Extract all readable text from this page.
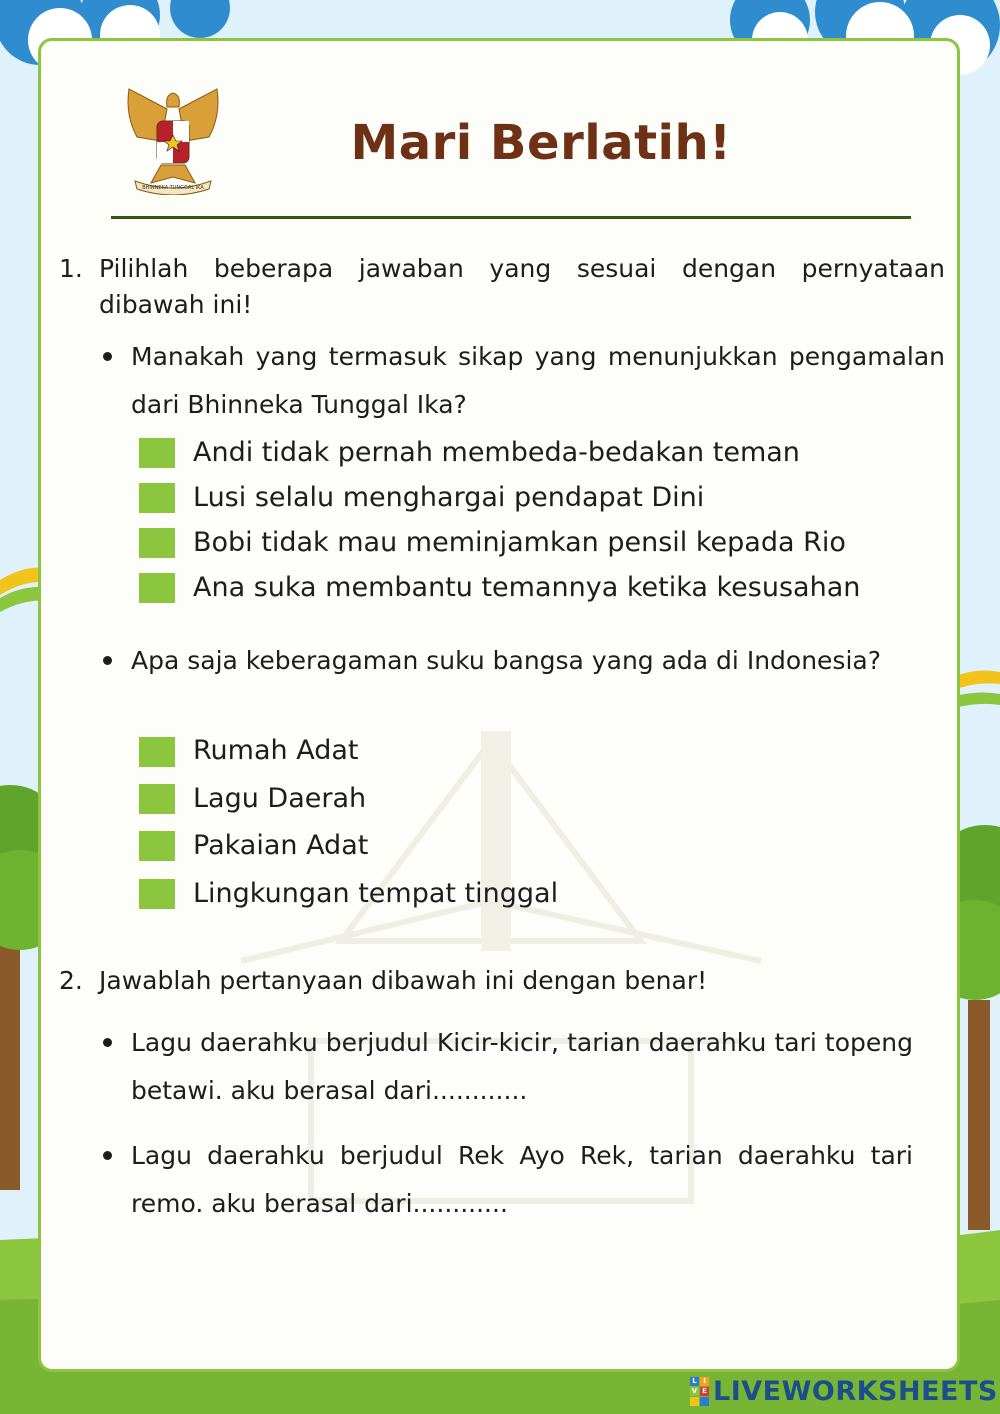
BHINNEKA TUNGGAL IKA
Mari Berlatih!
1. Pilihlah beberapa jawaban yang sesuai dengan pernyataan dibawah ini!
Manakah yang termasuk sikap yang menunjukkan pengamalan dari Bhinneka Tunggal Ika?
Andi tidak pernah membeda-bedakan teman
Lusi selalu menghargai pendapat Dini
Bobi tidak mau meminjamkan pensil kepada Rio
Ana suka membantu temannya ketika kesusahan
Apa saja keberagaman suku bangsa yang ada di Indonesia?
Rumah Adat
Lagu Daerah
Pakaian Adat
Lingkungan tempat tinggal
2. Jawablah pertanyaan dibawah ini dengan benar!
Lagu daerahku berjudul Kicir-kicir, tarian daerahku tari topeng betawi. aku berasal dari............
Lagu daerahku berjudul Rek Ayo Rek, tarian daerahku tari remo. aku berasal dari............
L I
V E LIVEWORKSHEETS
